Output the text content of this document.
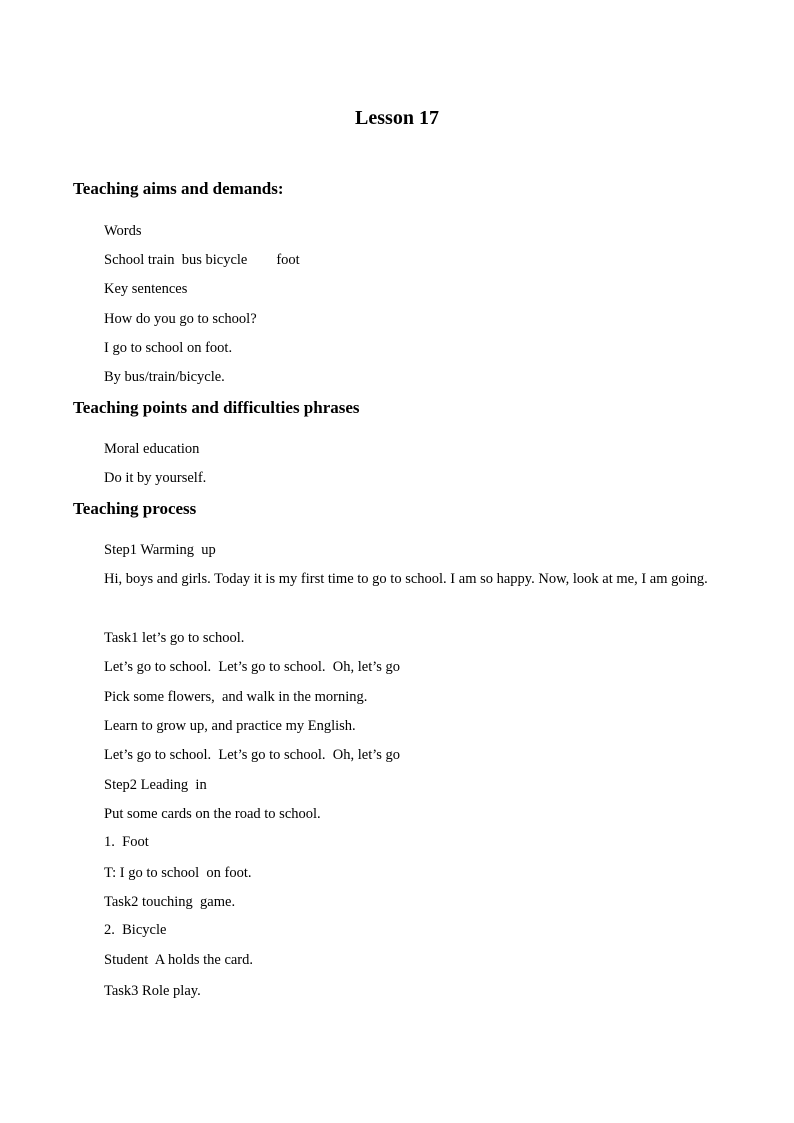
Lesson 17
Teaching aims and demands:
Words
School train  bus bicycle        foot
Key sentences
How do you go to school?
I go to school on foot.
By bus/train/bicycle.
Teaching points and difficulties phrases
Moral education
Do it by yourself.
Teaching process
Step1 Warming  up
Hi, boys and girls. Today it is my first time to go to school. I am so happy. Now, look at me, I am going.
Task1 let’s go to school.
Let’s go to school.  Let’s go to school.  Oh, let’s go
Pick some flowers,  and walk in the morning.
Learn to grow up, and practice my English.
Let’s go to school.  Let’s go to school.  Oh, let’s go
Step2 Leading  in
Put some cards on the road to school.
1.  Foot
T: I go to school  on foot.
Task2 touching  game.
2.  Bicycle
Student  A holds the card.
Task3 Role play.
